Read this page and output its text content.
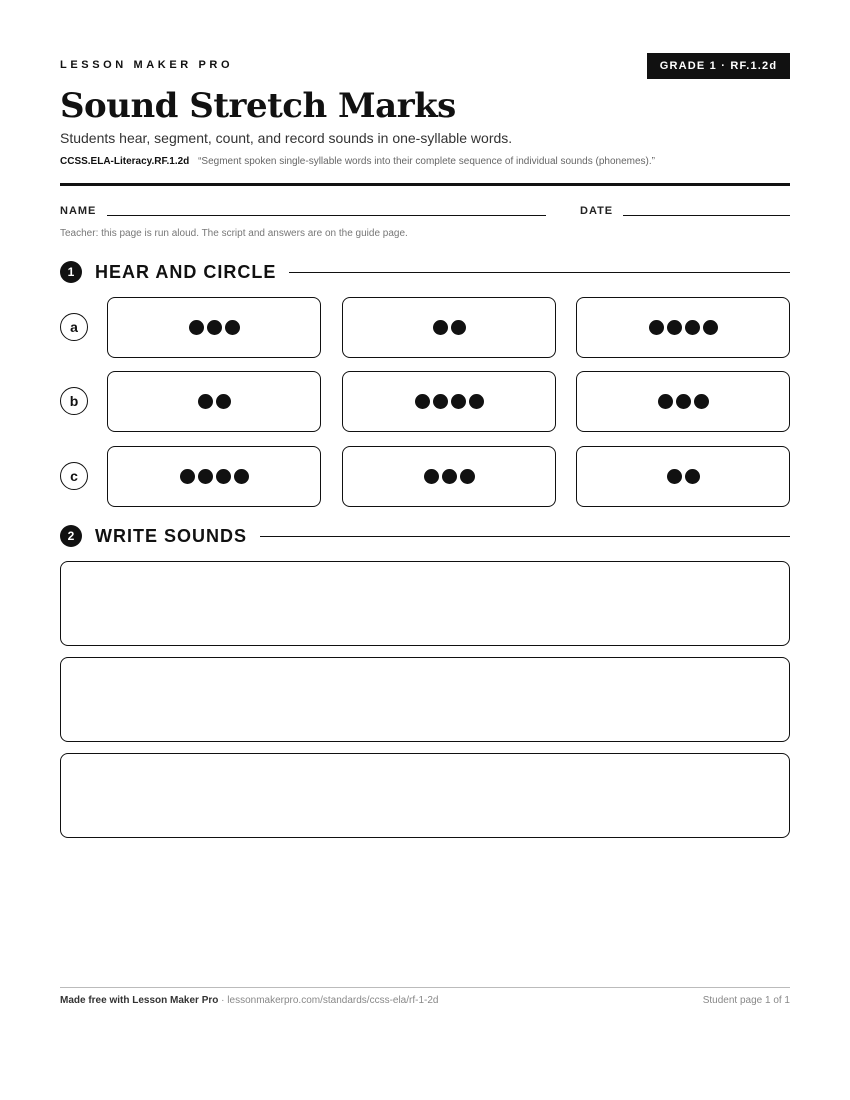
LESSON MAKER PRO	GRADE 1 · RF.1.2d
Sound Stretch Marks
Students hear, segment, count, and record sounds in one-syllable words.
CCSS.ELA-Literacy.RF.1.2d “Segment spoken single-syllable words into their complete sequence of individual sounds (phonemes).”
NAME	DATE
Teacher: this page is run aloud. The script and answers are on the guide page.
1	HEAR AND CIRCLE
a
b
c
2	WRITE SOUNDS
Made free with Lesson Maker Pro · lessonmakerpro.com/standards/ccss-ela/rf-1-2d	Student page 1 of 1
